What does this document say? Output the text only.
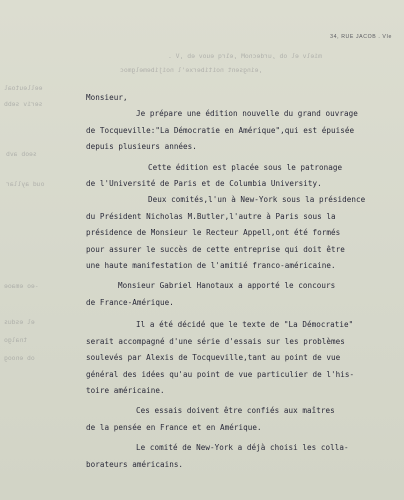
mielv el ob ,urdecnoM ,eìrq euov eb ,V .
,eingsent noitiberxe'l noijibemelgmoc
eelleutoal
seriv sebb
seob avb
oud ayllar
-eo emaoe
el esdus
tnalgo
ob enoog
34, RUE JACOB . VIe

Monsieur,

Je prépare une édition nouvelle du grand ouvrage

de Tocqueville:"La Démocratie en Amérique",qui est épuisée

depuis plusieurs années.

Cette édition est placée sous le patronage

de l'Université de Paris et de Columbia University.

Deux comités,l'un à New-York sous la présidence

du Président Nicholas M.Butler,l'autre à Paris sous la

présidence de Monsieur le Recteur Appell,ont été formés

pour assurer le succès de cette entreprise qui doit être

une haute manifestation de l'amitié franco-américaine.

Monsieur Gabriel Hanotaux a apporté le concours

de France-Amérique.

Il a été décidé que le texte de "La Démocratie"

serait accompagné d'une série d'essais sur les problèmes

soulevés par Alexis de Tocqueville,tant au point de vue

général des idées qu'au point de vue particulier de l'his-

toire américaine.

Ces essais doivent être confiés aux maîtres

de la pensée en France et en Amérique.

Le comité de New-York a déjà choisi les colla-

borateurs américains.
